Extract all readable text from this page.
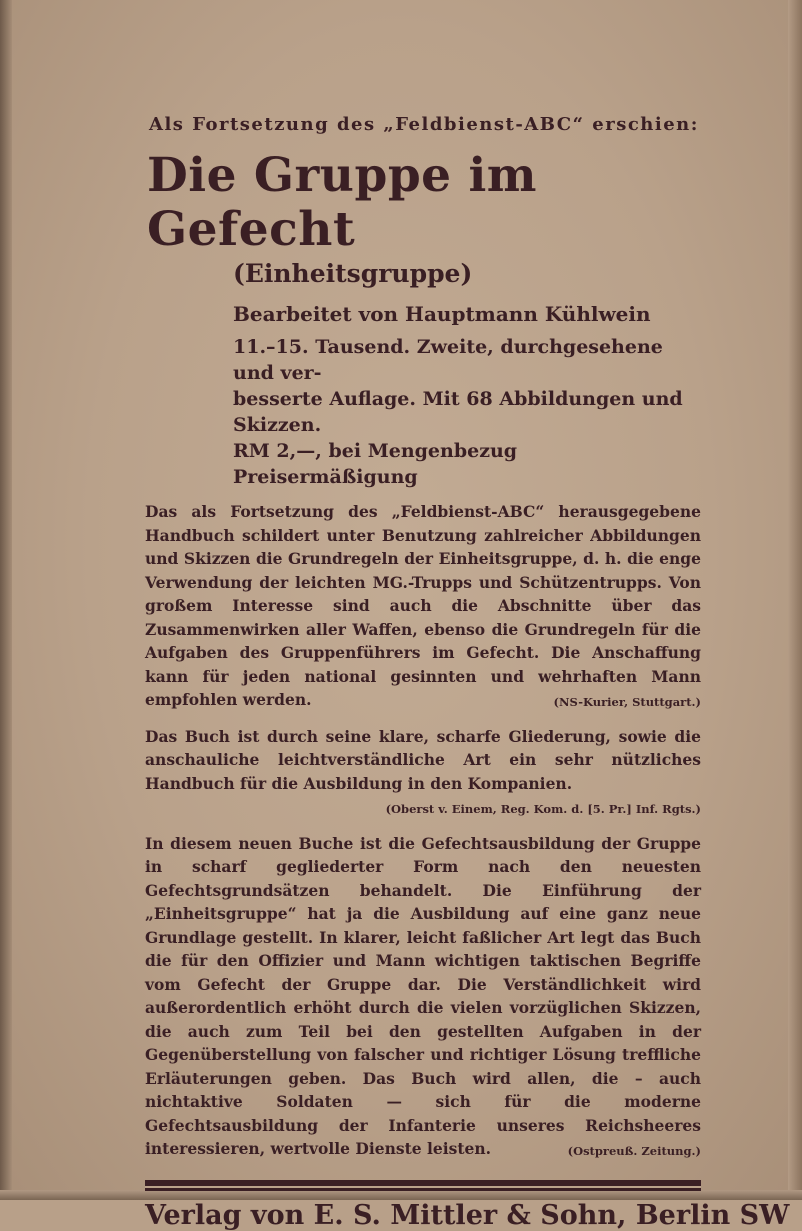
Als Fortsetzung des „Feldbienst-ABC“ erschien:
Die Gruppe im Gefecht
(Einheitsgruppe)
Bearbeitet von Hauptmann Kühlwein
11.–15. Tausend. Zweite, durchgesehene und ver-
besserte Auflage. Mit 68 Abbildungen und Skizzen.
RM 2,—, bei Mengenbezug Preisermäßigung
Das als Fortsetzung des „Feldbienst-ABC“ herausgegebene Handbuch schildert unter Benutzung zahlreicher Abbildungen und Skizzen die Grundregeln der Einheitsgruppe, d. h. die enge Verwendung der leichten MG.-Trupps und Schützentrupps. Von großem Interesse sind auch die Abschnitte über das Zusammenwirken aller Waffen, ebenso die Grundregeln für die Aufgaben des Gruppenführers im Gefecht. Die Anschaffung kann für jeden national gesinnten und wehrhaften Mann empfohlen werden.	(NS-Kurier, Stuttgart.)
Das Buch ist durch seine klare, scharfe Gliederung, sowie die anschauliche leichtverständliche Art ein sehr nützliches Handbuch für die Ausbildung in den Kompanien.
(Oberst v. Einem, Reg. Kom. d. [5. Pr.] Inf. Rgts.)
In diesem neuen Buche ist die Gefechtsausbildung der Gruppe in scharf gegliederter Form nach den neuesten Gefechtsgrundsätzen behandelt. Die Einführung der „Einheitsgruppe“ hat ja die Ausbildung auf eine ganz neue Grundlage gestellt. In klarer, leicht faßlicher Art legt das Buch die für den Offizier und Mann wichtigen taktischen Begriffe vom Gefecht der Gruppe dar. Die Verständlichkeit wird außerordentlich erhöht durch die vielen vorzüglichen Skizzen, die auch zum Teil bei den gestellten Aufgaben in der Gegenüberstellung von falscher und richtiger Lösung treffliche Erläuterungen geben. Das Buch wird allen, die – auch nichtaktive Soldaten — sich für die moderne Gefechtsausbildung der Infanterie unseres Reichsheeres interessieren, wertvolle Dienste leisten.	(Ostpreuß. Zeitung.)
Verlag von E. S. Mittler & Sohn, Berlin SW
